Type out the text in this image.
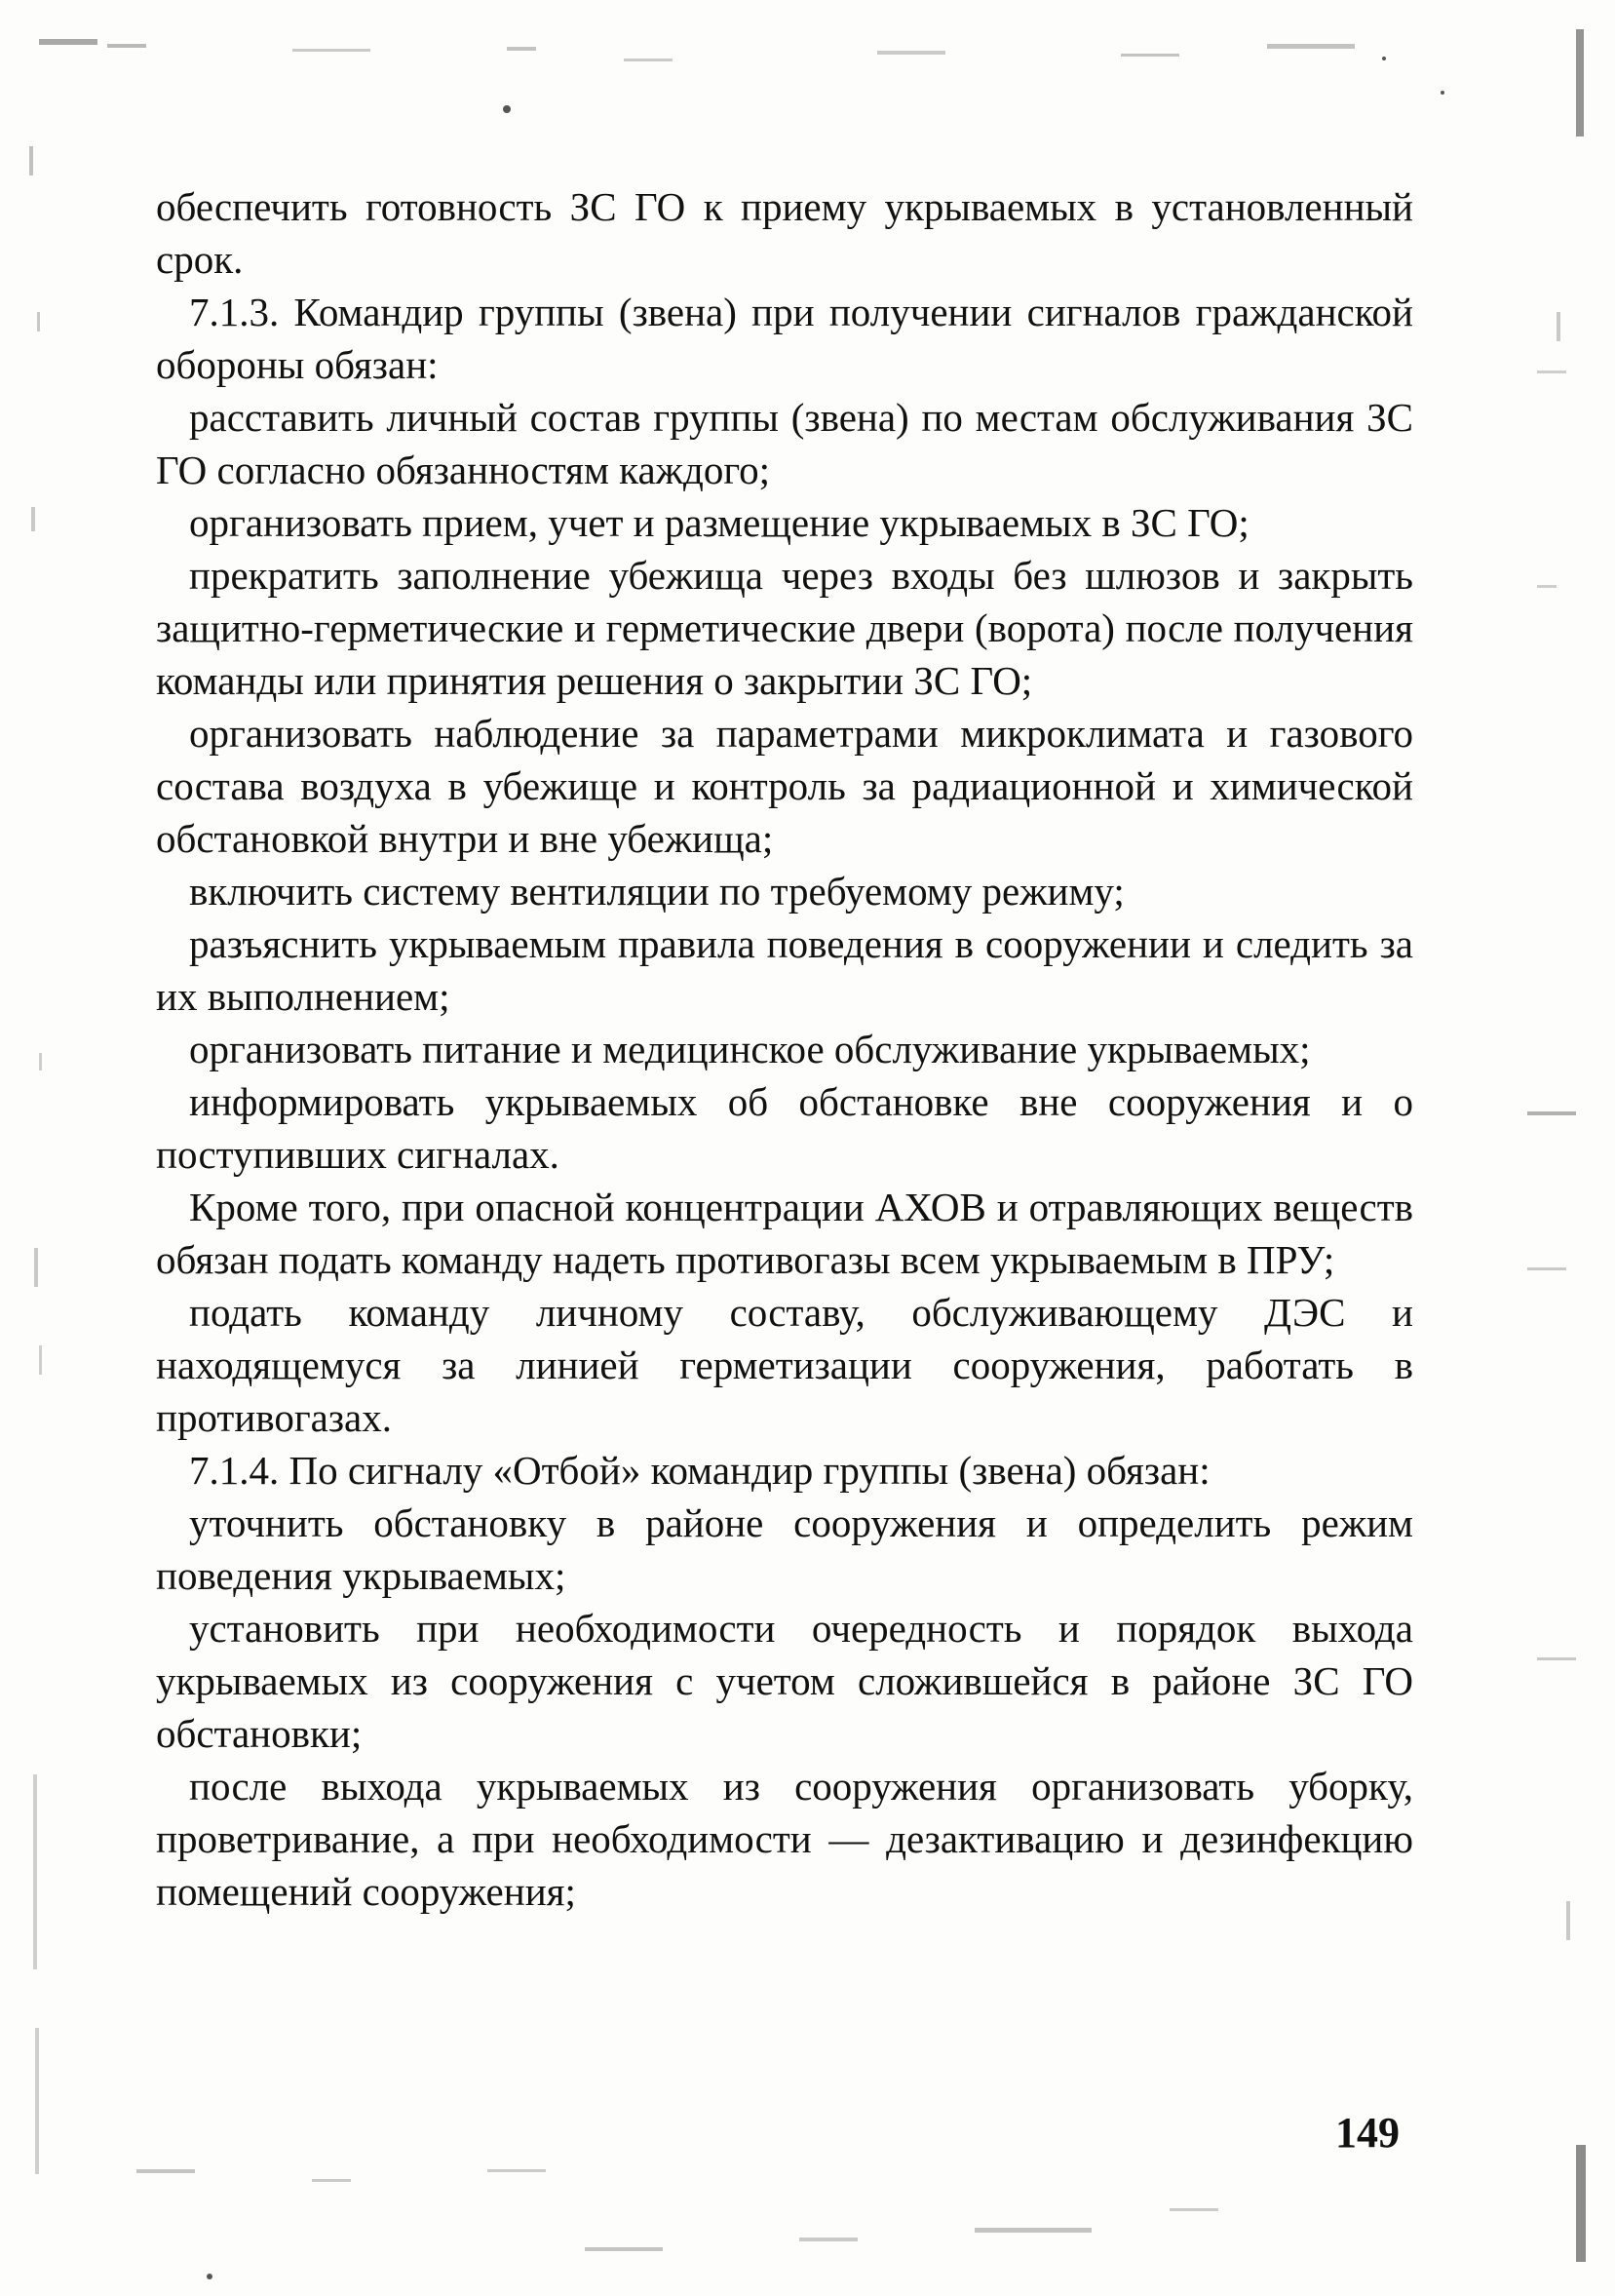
обеспечить готовность ЗС ГО к приему укрываемых в установленный срок.

7.1.3. Командир группы (звена) при получении сигналов гражданской обороны обязан:

расставить личный состав группы (звена) по местам обслуживания ЗС ГО согласно обязанностям каждого;

организовать прием, учет и размещение укрываемых в ЗС ГО;

прекратить заполнение убежища через входы без шлюзов и закрыть защитно-герметические и герметические двери (ворота) после получения команды или принятия решения о закрытии ЗС ГО;

организовать наблюдение за параметрами микроклимата и газового состава воздуха в убежище и контроль за радиационной и химической обстановкой внутри и вне убежища;

включить систему вентиляции по требуемому режиму;

разъяснить укрываемым правила поведения в сооружении и следить за их выполнением;

организовать питание и медицинское обслуживание укрываемых;

информировать укрываемых об обстановке вне сооружения и о поступивших сигналах.

Кроме того, при опасной концентрации АХОВ и отравляющих веществ обязан подать команду надеть противогазы всем укрываемым в ПРУ;

подать команду личному составу, обслуживающему ДЭС и находящемуся за линией герметизации сооружения, работать в противогазах.

7.1.4. По сигналу «Отбой» командир группы (звена) обязан:

уточнить обстановку в районе сооружения и определить режим поведения укрываемых;

установить при необходимости очередность и порядок выхода укрываемых из сооружения с учетом сложившейся в районе ЗС ГО обстановки;

после выхода укрываемых из сооружения организовать уборку, проветривание, а при необходимости — дезактивацию и дезинфекцию помещений сооружения;

149
